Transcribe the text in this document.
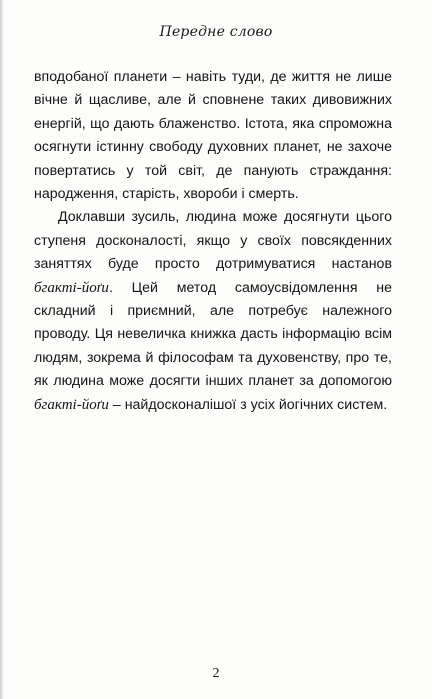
Передне слово

вподобаної планети – навіть туди, де життя не лише вічне й щасливе, але й сповнене таких дивовижних енергій, що дають блаженство. Істота, яка спроможна осягнути істинну свободу духовних планет, не захоче повертатись у той світ, де панують страждання: народження, старість, хвороби і смерть.

Доклавши зусиль, людина може досягнути цього ступеня досконалості, якщо у своїх повсякденних заняттях буде просто дотримуватися настанов бгакті-йоґи. Цей метод самоусвідомлення не складний і приємний, але потребує належного проводу. Ця невеличка книжка дасть інформацію всім людям, зокрема й філософам та духовенству, про те, як людина може досягти інших планет за допомогою бгакті-йоґи – найдосконалішої з усіх йогічних систем.

2
